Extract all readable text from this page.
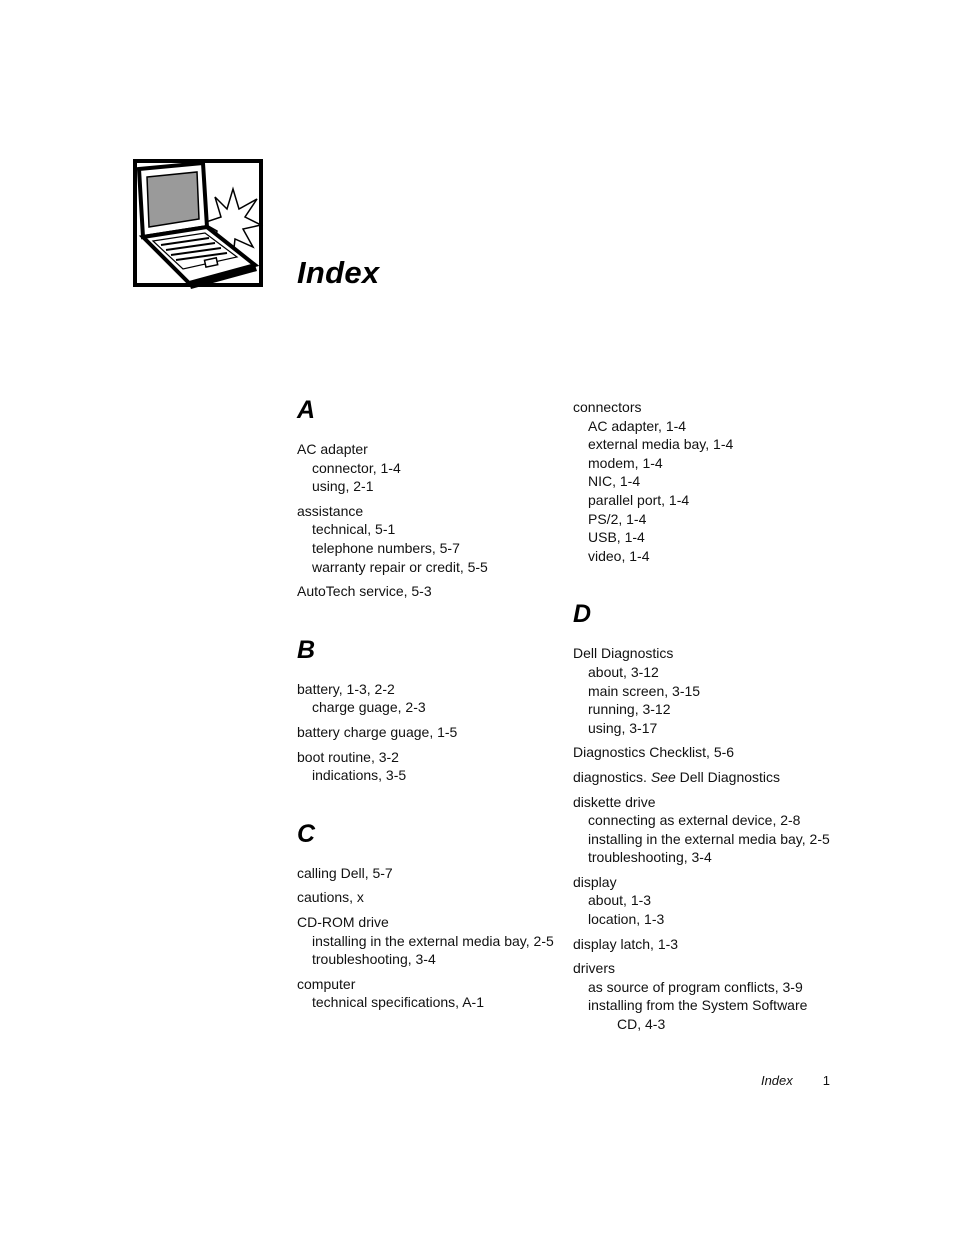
Index
A
AC adapter
connector, 1-4
using, 2-1
assistance
technical, 5-1
telephone numbers, 5-7
warranty repair or credit, 5-5
AutoTech service, 5-3
B
battery, 1-3, 2-2
charge guage, 2-3
battery charge guage, 1-5
boot routine, 3-2
indications, 3-5
C
calling Dell, 5-7
cautions, x
CD-ROM drive
installing in the external media bay, 2-5
troubleshooting, 3-4
computer
technical specifications, A-1
connectors
AC adapter, 1-4
external media bay, 1-4
modem, 1-4
NIC, 1-4
parallel port, 1-4
PS/2, 1-4
USB, 1-4
video, 1-4
D
Dell Diagnostics
about, 3-12
main screen, 3-15
running, 3-12
using, 3-17
Diagnostics Checklist, 5-6
diagnostics. See Dell Diagnostics
diskette drive
connecting as external device, 2-8
installing in the external media bay, 2-5
troubleshooting, 3-4
display
about, 1-3
location, 1-3
display latch, 1-3
drivers
as source of program conflicts, 3-9
installing from the System Software
CD, 4-3
Index 1
